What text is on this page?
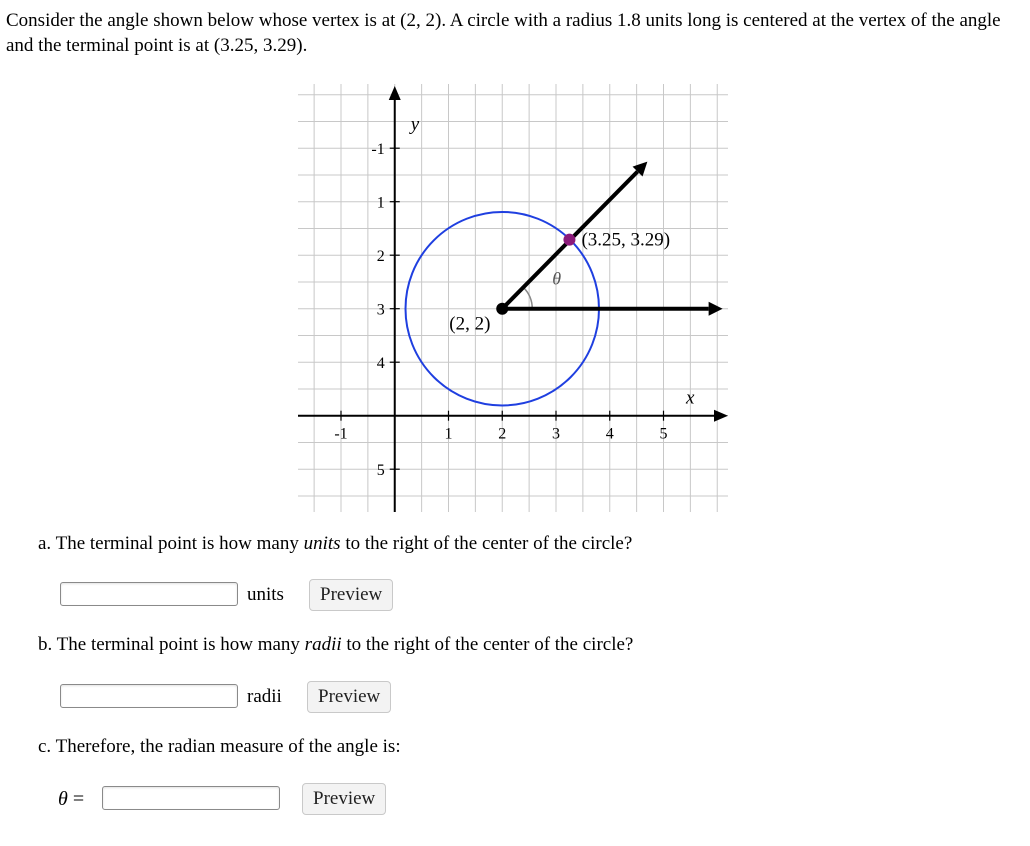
Consider the angle shown below whose vertex is at (2, 2). A circle with a radius 1.8 units long is centered at the vertex of the angle and the terminal point is at (3.25, 3.29).
-1	1	2	3	4	5
5
4
3
2
1
-1
(2, 2)
(3.25, 3.29)
θ
x
y
a. The terminal point is how many units to the right of the center of the circle?
units	Preview
b. The terminal point is how many radii to the right of the center of the circle?
radii	Preview
c. Therefore, the radian measure of the angle is:
θ =	Preview
